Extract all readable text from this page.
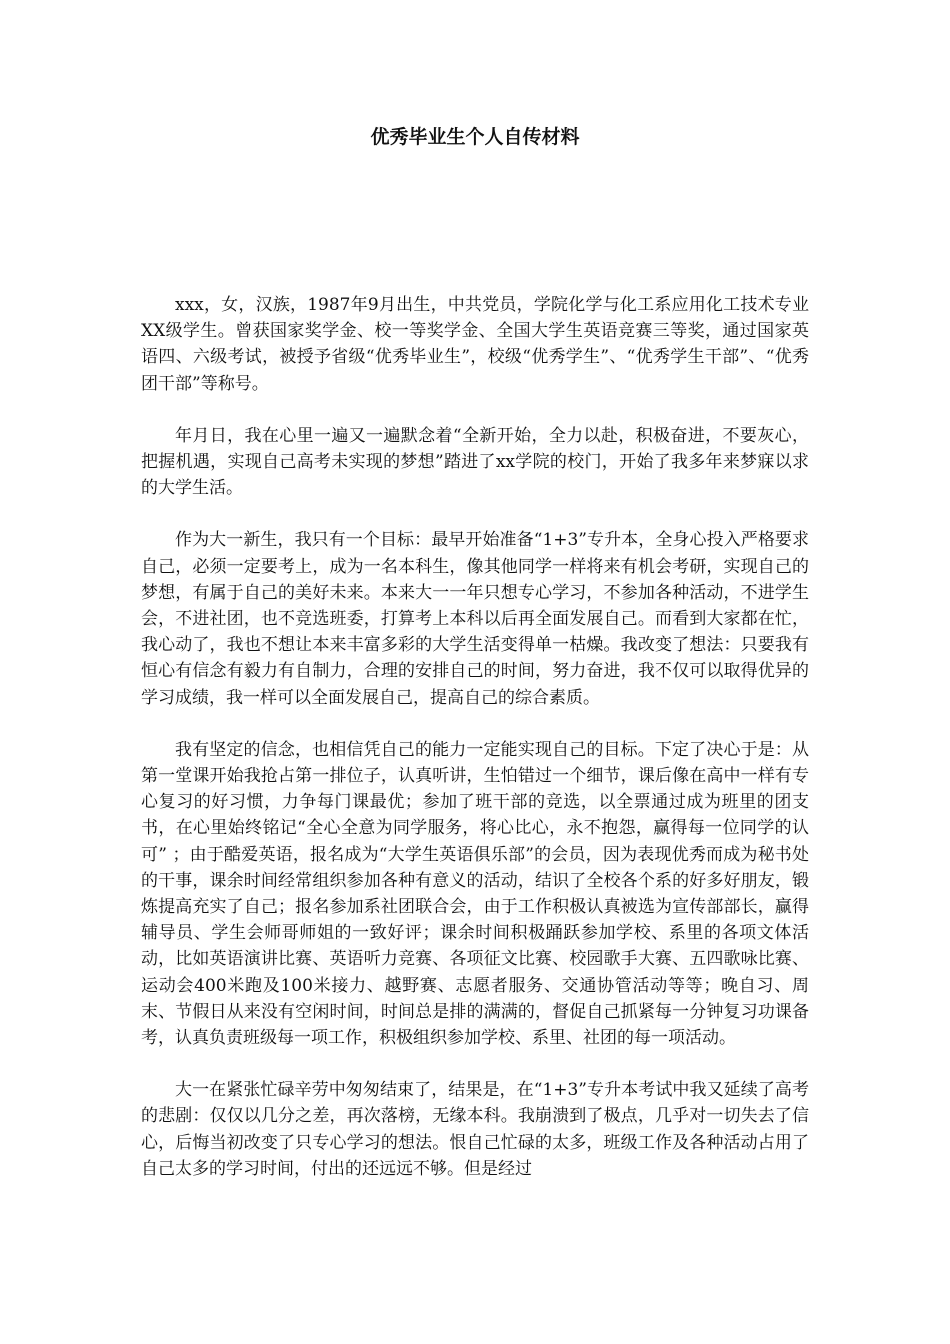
优秀毕业生个人自传材料

xxx，女，汉族，1987年9月出生，中共党员，学院化学与化工系应用化工技术专业XX级学生。曾获国家奖学金、校一等奖学金、全国大学生英语竞赛三等奖，通过国家英语四、六级考试，被授予省级“优秀毕业生”，校级“优秀学生”、“优秀学生干部”、“优秀团干部”等称号。

年月日，我在心里一遍又一遍默念着“全新开始，全力以赴，积极奋进，不要灰心，把握机遇，实现自己高考未实现的梦想”踏进了xx学院的校门，开始了我多年来梦寐以求的大学生活。

作为大一新生，我只有一个目标：最早开始准备“1+3”专升本，全身心投入严格要求自己，必须一定要考上，成为一名本科生，像其他同学一样将来有机会考研，实现自己的梦想，有属于自己的美好未来。本来大一一年只想专心学习，不参加各种活动，不进学生会，不进社团，也不竞选班委，打算考上本科以后再全面发展自己。而看到大家都在忙，我心动了，我也不想让本来丰富多彩的大学生活变得单一枯燥。我改变了想法：只要我有恒心有信念有毅力有自制力，合理的安排自己的时间，努力奋进，我不仅可以取得优异的学习成绩，我一样可以全面发展自己，提高自己的综合素质。

我有坚定的信念，也相信凭自己的能力一定能实现自己的目标。下定了决心于是：从第一堂课开始我抢占第一排位子，认真听讲，生怕错过一个细节，课后像在高中一样有专心复习的好习惯，力争每门课最优；参加了班干部的竞选，以全票通过成为班里的团支书，在心里始终铭记“全心全意为同学服务，将心比心，永不抱怨，赢得每一位同学的认可” ；由于酷爱英语，报名成为“大学生英语俱乐部”的会员，因为表现优秀而成为秘书处的干事，课余时间经常组织参加各种有意义的活动，结识了全校各个系的好多好朋友，锻炼提高充实了自己；报名参加系社团联合会，由于工作积极认真被选为宣传部部长，赢得辅导员、学生会师哥师姐的一致好评；课余时间积极踊跃参加学校、系里的各项文体活动，比如英语演讲比赛、英语听力竞赛、各项征文比赛、校园歌手大赛、五四歌咏比赛、运动会400米跑及100米接力、越野赛、志愿者服务、交通协管活动等等；晚自习、周末、节假日从来没有空闲时间，时间总是排的满满的，督促自己抓紧每一分钟复习功课备考，认真负责班级每一项工作，积极组织参加学校、系里、社团的每一项活动。

大一在紧张忙碌辛劳中匆匆结束了，结果是，在“1+3”专升本考试中我又延续了高考的悲剧：仅仅以几分之差，再次落榜，无缘本科。我崩溃到了极点，几乎对一切失去了信心，后悔当初改变了只专心学习的想法。恨自己忙碌的太多，班级工作及各种活动占用了自己太多的学习时间，付出的还远远不够。但是经过
